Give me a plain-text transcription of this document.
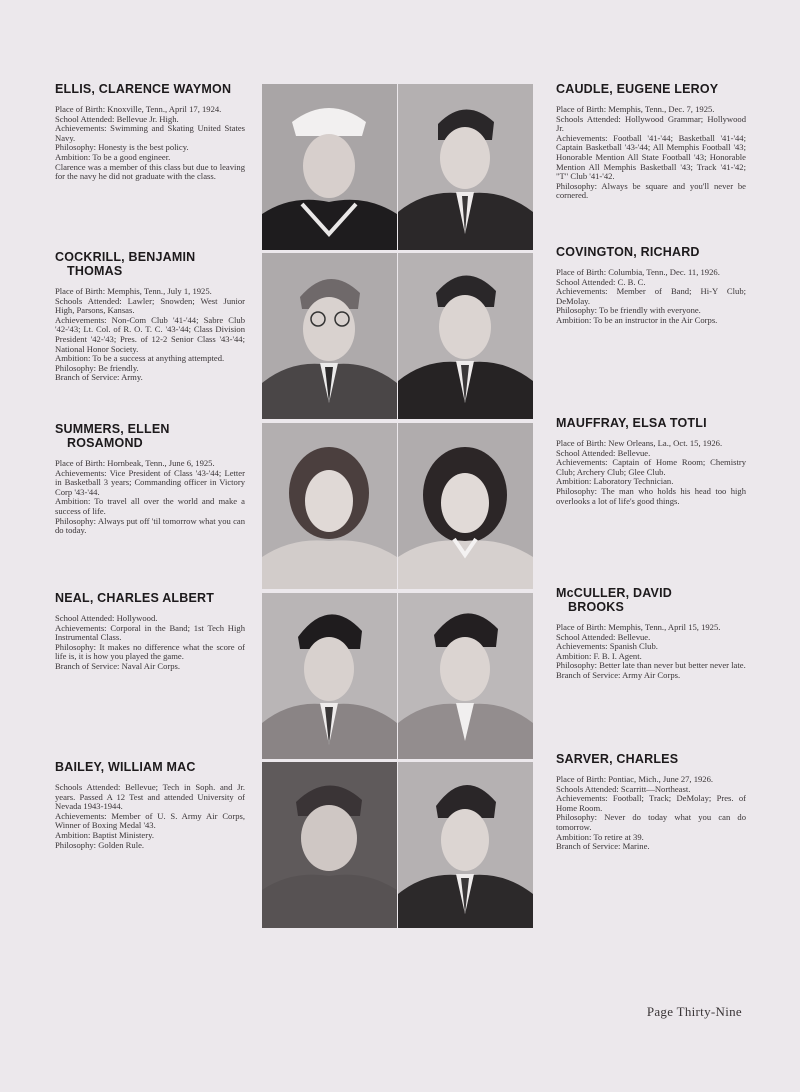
ELLIS, CLARENCE WAYMON

Place of Birth: Knoxville, Tenn., April 17, 1924.

School Attended: Bellevue Jr. High.

Achievements: Swimming and Skating United States Navy.

Philosophy: Honesty is the best policy.

Ambition: To be a good engineer.

Clarence was a member of this class but due to leaving for the navy he did not graduate with the class.

COCKRILL, BENJAMIN
THOMAS

Place of Birth: Memphis, Tenn., July 1, 1925.

Schools Attended: Lawler; Snowden; West Junior High, Parsons, Kansas.

Achievements: Non-Com Club '41-'44; Sabre Club '42-'43; Lt. Col. of R. O. T. C. '43-'44; Class Division President '42-'43; Pres. of 12-2 Senior Class '43-'44; National Honor Society.

Ambition: To be a success at anything attempted.

Philosophy: Be friendly.

Branch of Service: Army.

SUMMERS, ELLEN
ROSAMOND

Place of Birth: Hornbeak, Tenn., June 6, 1925.

Achievements: Vice President of Class '43-'44; Letter in Basketball 3 years; Commanding officer in Victory Corp '43-'44.

Ambition: To travel all over the world and make a success of life.

Philosophy: Always put off 'til tomorrow what you can do today.

NEAL, CHARLES ALBERT

School Attended: Hollywood.

Achievements: Corporal in the Band; 1st Tech High Instrumental Class.

Philosophy: It makes no difference what the score of life is, it is how you played the game.

Branch of Service: Naval Air Corps.

BAILEY, WILLIAM MAC

Schools Attended: Bellevue; Tech in Soph. and Jr. years. Passed A 12 Test and attended University of Nevada 1943-1944.

Achievements: Member of U. S. Army Air Corps, Winner of Boxing Medal '43.

Ambition: Baptist Ministery.

Philosophy: Golden Rule.

CAUDLE, EUGENE LEROY

Place of Birth: Memphis, Tenn., Dec. 7, 1925.

Schools Attended: Hollywood Grammar; Hollywood Jr.

Achievements: Football '41-'44; Basketball '41-'44; Captain Basketball '43-'44; All Memphis Football '43; Honorable Mention All State Football '43; Honorable Mention All Memphis Basketball '43; Track '41-'42; "T" Club '41-'42.

Philosophy: Always be square and you'll never be cornered.

COVINGTON, RICHARD

Place of Birth: Columbia, Tenn., Dec. 11, 1926.

School Attended: C. B. C.

Achievements: Member of Band; Hi-Y Club; DeMolay.

Philosophy: To be friendly with everyone.

Ambition: To be an instructor in the Air Corps.

MAUFFRAY, ELSA TOTLI

Place of Birth: New Orleans, La., Oct. 15, 1926.

School Attended: Bellevue.

Achievements: Captain of Home Room; Chemistry Club; Archery Club; Glee Club.

Ambition: Laboratory Technician.

Philosophy: The man who holds his head too high overlooks a lot of life's good things.

McCULLER, DAVID
BROOKS

Place of Birth: Memphis, Tenn., April 15, 1925.

School Attended: Bellevue.

Achievements: Spanish Club.

Ambition: F. B. I. Agent.

Philosophy: Better late than never but better never late.

Branch of Service: Army Air Corps.

SARVER, CHARLES

Place of Birth: Pontiac, Mich., June 27, 1926.

Schools Attended: Scarritt—Northeast.

Achievements: Football; Track; DeMolay; Pres. of Home Room.

Philosophy: Never do today what you can do tomorrow.

Ambition: To retire at 39.

Branch of Service: Marine.

Page Thirty-Nine
